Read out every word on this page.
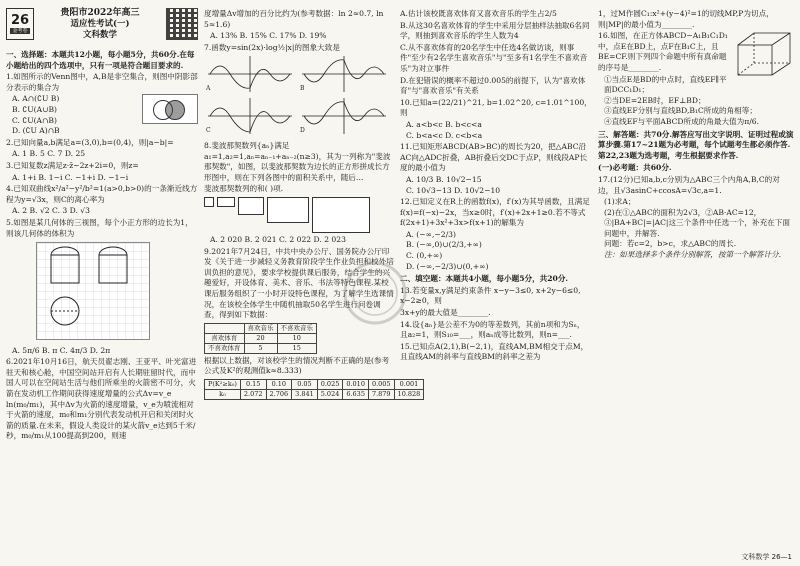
26
金考卷
贵阳市2022年高三
适应性考试(一)
文科数学

一、选择题：本题共12小题，每小题5分，共60分.在每小题给出的四个选项中，只有一项是符合题目要求的.

1.如图所示的Venn图中，A,B是非空集合，则图中阴影部分表示的集合为

A. A∩(∁U B)

B. ∁U(A∪B)

C. ∁U(A∩B)

D. (∁U A)∩B

2.已知向量a,b满足a=(3,0),b=(0,4)，则|a−b|=

A. 1 B. 5 C. 7 D. 25

3.已知复数z满足z·z̄−2z+2i=0，则z=

A. 1+i B. 1−i C. −1+i D. −1−i

4.已知双曲线x²/a²−y²/b²=1(a>0,b>0)的一条渐近线方程为y=√3x，则C的离心率为

A. 2 B. √2 C. 3 D. √3

5.如图是某几何体的三视图，每个小正方形的边长为1，则该几何体的体积为

A. 5π/6 B. π C. 4π/3 D. 2π

6.2021年10月16日，航天员翟志刚、王亚平、叶光富进驻天和核心舱，中国空间站开启有人长期驻留时代，而中国人可以在空间站生活与他们所乘坐的火箭密不可分，火箭在发动机工作期间获得速度增量的公式Δv=v_e ln(m₀/m₁)，其中Δv为火箭的速度增量，v_e为喷流相对于火箭的速度，m₀和m₁分别代表发动机开启和关闭时火箭的质量.在未来，假设人类设计的某火箭v_e达到5千米/秒，m₀/m₁从100提高到200，则速

度增量Δv增加的百分比约为(参考数据：ln 2≈0.7, ln 5≈1.6)

A. 13% B. 15% C. 17% D. 19%

7.函数y=sin(2x)·log½|x|的图象大致是

A	B
C	D

8.斐波那契数列{aₙ}满足a₁=1,a₂=1,aₙ=aₙ₋₁+aₙ₋₂(n≥3)，其为一列称为"斐波那契数"，如图，以斐波那契数为边长的正方形拼成长方形图中，则在下列各图中的面积关系中，随后…

斐波那契数列的和( )项.

A. 2 020 B. 2 021 C. 2 022 D. 2 023

9.2021年7月24日，中共中央办公厅、国务院办公厅印发《关于进一步减轻义务教育阶段学生作业负担和校外培训负担的意见》，要求学校提供课后服务，结合学生的兴趣爱好，开设体育、美术、音乐、书法等特色课程.某校课后服务组织了一小时开设特色课程，为了解学生选课情况，在该校全体学生中随机抽取50名学生进行问卷调查，得到如下数据：

	喜欢音乐	不喜欢音乐
喜欢体育	20	10
不喜欢体育	5	15

根据以上数据，对该校学生的情况判断不正确的是(参考公式及K²的观测值k≈8.333)

P(K²≥k₀)	0.15	0.10	0.05	0.025	0.010	0.005	0.001
k₀	2.072	2.706	3.841	5.024	6.635	7.879	10.828

A.估计该校既喜欢体育又喜欢音乐的学生占2/5

B.从这30名喜欢体育的学生中采用分层抽样法抽取6名同学，则抽到喜欢音乐的学生人数为4

C.从不喜欢体育的20名学生中任选4名做访谈，则事件"至少有2名学生喜欢音乐"与"至多有1名学生不喜欢音乐"为对立事件

D.在犯错误的概率不超过0.005的前提下，认为"喜欢体育"与"喜欢音乐"有关系

10.已知a=(22/21)^21, b=1.02^20, c=1.01^100，则

A. a<b<c B. b<c<a

C. b<a<c D. c<b<a

11.已知矩形ABCD(AB>BC)的周长为20，把△ABC沿AC向△ADC折叠，AB折叠后交DC于点P，则线段AP长度的最小值为

A. 10/3 B. 10√2−15

C. 10√3−13 D. 10√2−10

12.已知定义在R上的函数f(x)，f′(x)为其导函数，且满足f(x)=f(−x)−2x，当x≥0时，f′(x)+2x+1≥0.若不等式f(2x+1)+3x²+3x>f(x+1)的解集为

A. (−∞,−2/3)

B. (−∞,0)∪(2/3,+∞)

C. (0,+∞)

D. (−∞,−2/3)∪(0,+∞)

二、填空题：本题共4小题，每小题5分，共20分.

13.若变量x,y满足约束条件 x−y−3≤0, x+2y−6≤0, x−2≥0，则

3x+y的最大值是________.

14.设{aₙ}是公差不为0的等差数列，其前n项和为Sₙ，且a₂=1，则S₁₀=___，则aₙ成等比数列，则n=___.

15.已知点A(2,1),B(−2,1)，直线AM,BM相交于点M，且直线AM的斜率与直线BM的斜率之差为

1，过M作圆C₁:x²+(y−4)²=1的切线MP,P为切点，则|MP|的最小值为________.

16.如图，在正方体ABCD−A₁B₁C₁D₁中，点E在BD上，点F在B₁C上，且BE=CF.则下列四个命题中所有真命题的序号是________.

①当点E是BD的中点时，直线EF∥平面DCC₁D₁；

②当DE=2EB时，EF⊥BD；

③直线EF分别与直线BD,B₁C所成的角相等；

④直线EF与平面ABCD所成的角最大值为π/6.

三、解答题：共70分.解答应写出文字说明、证明过程或演算步骤.第17~21题为必考题，每个试题考生都必须作答.第22,23题为选考题，考生根据要求作答.

(一)必考题：共60分.

17.(12分)已知a,b,c分别为△ABC三个内角A,B,C的对边，且√3asinC+ccosA=√3c,a=1.

(1)求A；

(2)在①△ABC的面积为2√3，②AB·AC=12，③|BA+BC|=|AC|这三个条件中任选一个，补充在下面问题中，并解答.

问题：若c=2，b>c，求△ABC的周长.

注：如果选择多个条件分别解答，按第一个解答计分.

文科数学 26—1
